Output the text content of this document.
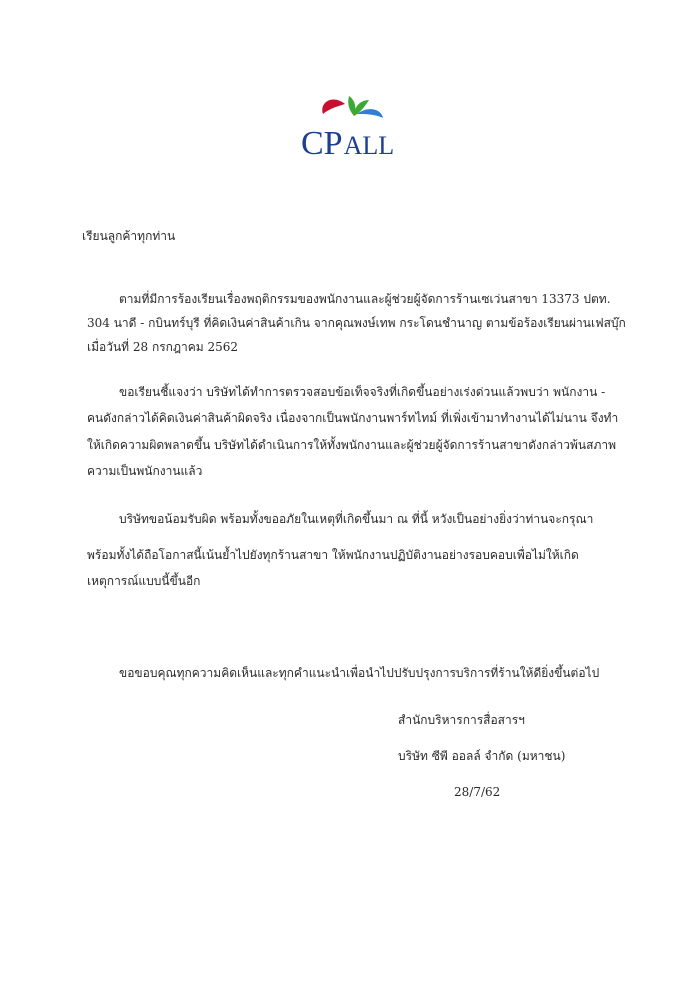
CPALL
เรียนลูกค้าทุกท่าน
ตามที่มีการร้องเรียนเรื่องพฤติกรรมของพนักงานและผู้ช่วยผู้จัดการร้านเซเว่นสาขา 13373 ปตท.
304 นาดี - กบินทร์บุรี ที่คิดเงินค่าสินค้าเกิน จากคุณพงษ์เทพ กระโดนชำนาญ ตามข้อร้องเรียนผ่านเฟสบุ๊ก
เมื่อวันที่ 28 กรกฎาคม 2562
ขอเรียนชี้แจงว่า บริษัทได้ทำการตรวจสอบข้อเท็จจริงที่เกิดขึ้นอย่างเร่งด่วนแล้วพบว่า พนักงาน -
คนดังกล่าวได้คิดเงินค่าสินค้าผิดจริง เนื่องจากเป็นพนักงานพาร์ทไทม์ ที่เพิ่งเข้ามาทำงานได้ไม่นาน จึงทำ
ให้เกิดความผิดพลาดขึ้น บริษัทได้ดำเนินการให้ทั้งพนักงานและผู้ช่วยผู้จัดการร้านสาขาดังกล่าวพ้นสภาพ
ความเป็นพนักงานแล้ว
บริษัทขอน้อมรับผิด พร้อมทั้งขออภัยในเหตุที่เกิดขึ้นมา ณ ที่นี้ หวังเป็นอย่างยิ่งว่าท่านจะกรุณา
พร้อมทั้งได้ถือโอกาสนี้เน้นย้ำไปยังทุกร้านสาขา ให้พนักงานปฏิบัติงานอย่างรอบคอบเพื่อไม่ให้เกิด
เหตุการณ์แบบนี้ขึ้นอีก
ขอขอบคุณทุกความคิดเห็นและทุกคำแนะนำเพื่อนำไปปรับปรุงการบริการที่ร้านให้ดียิ่งขึ้นต่อไป
สำนักบริหารการสื่อสารฯ
บริษัท ซีพี ออลล์ จำกัด (มหาชน)
28/7/62
